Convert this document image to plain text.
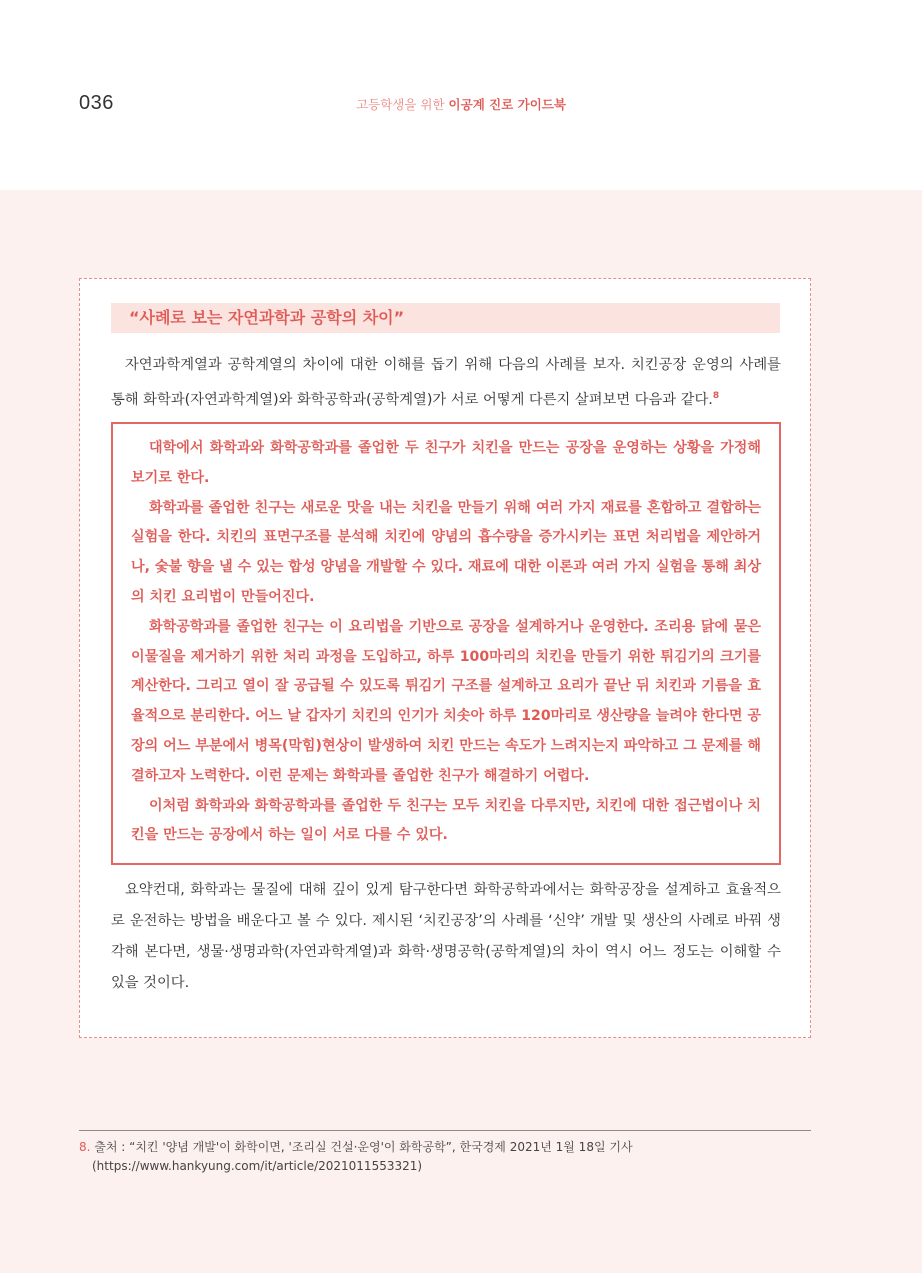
036	고등학생을 위한 이공계 진로 가이드북
“사례로 보는 자연과학과 공학의 차이”

자연과학계열과 공학계열의 차이에 대한 이해를 돕기 위해 다음의 사례를 보자. 치킨공장 운영의 사례를 통해 화학과(자연과학계열)와 화학공학과(공학계열)가 서로 어떻게 다른지 살펴보면 다음과 같다.$^8$

대학에서 화학과와 화학공학과를 졸업한 두 친구가 치킨을 만드는 공장을 운영하는 상황을 가정해보기로 한다.

화학과를 졸업한 친구는 새로운 맛을 내는 치킨을 만들기 위해 여러 가지 재료를 혼합하고 결합하는 실험을 한다. 치킨의 표면구조를 분석해 치킨에 양념의 흡수량을 증가시키는 표면 처리법을 제안하거나, 숯불 향을 낼 수 있는 합성 양념을 개발할 수 있다. 재료에 대한 이론과 여러 가지 실험을 통해 최상의 치킨 요리법이 만들어진다.

화학공학과를 졸업한 친구는 이 요리법을 기반으로 공장을 설계하거나 운영한다. 조리용 닭에 묻은 이물질을 제거하기 위한 처리 과정을 도입하고, 하루 100마리의 치킨을 만들기 위한 튀김기의 크기를 계산한다. 그리고 열이 잘 공급될 수 있도록 튀김기 구조를 설계하고 요리가 끝난 뒤 치킨과 기름을 효율적으로 분리한다. 어느 날 갑자기 치킨의 인기가 치솟아 하루 120마리로 생산량을 늘려야 한다면 공장의 어느 부분에서 병목(막힘)현상이 발생하여 치킨 만드는 속도가 느려지는지 파악하고 그 문제를 해결하고자 노력한다. 이런 문제는 화학과를 졸업한 친구가 해결하기 어렵다.

이처럼 화학과와 화학공학과를 졸업한 두 친구는 모두 치킨을 다루지만, 치킨에 대한 접근법이나 치킨을 만드는 공장에서 하는 일이 서로 다를 수 있다.

요약컨대, 화학과는 물질에 대해 깊이 있게 탐구한다면 화학공학과에서는 화학공장을 설계하고 효율적으로 운전하는 방법을 배운다고 볼 수 있다. 제시된 ‘치킨공장’의 사례를 ‘신약’ 개발 및 생산의 사례로 바꿔 생각해 본다면, 생물·생명과학(자연과학계열)과 화학·생명공학(공학계열)의 차이 역시 어느 정도는 이해할 수 있을 것이다.

8. 출처 : “치킨 '양념 개발'이 화학이면, '조리실 건설·운영'이 화학공학”, 한국경제 2021년 1월 18일 기사
(https://www.hankyung.com/it/article/2021011553321)
